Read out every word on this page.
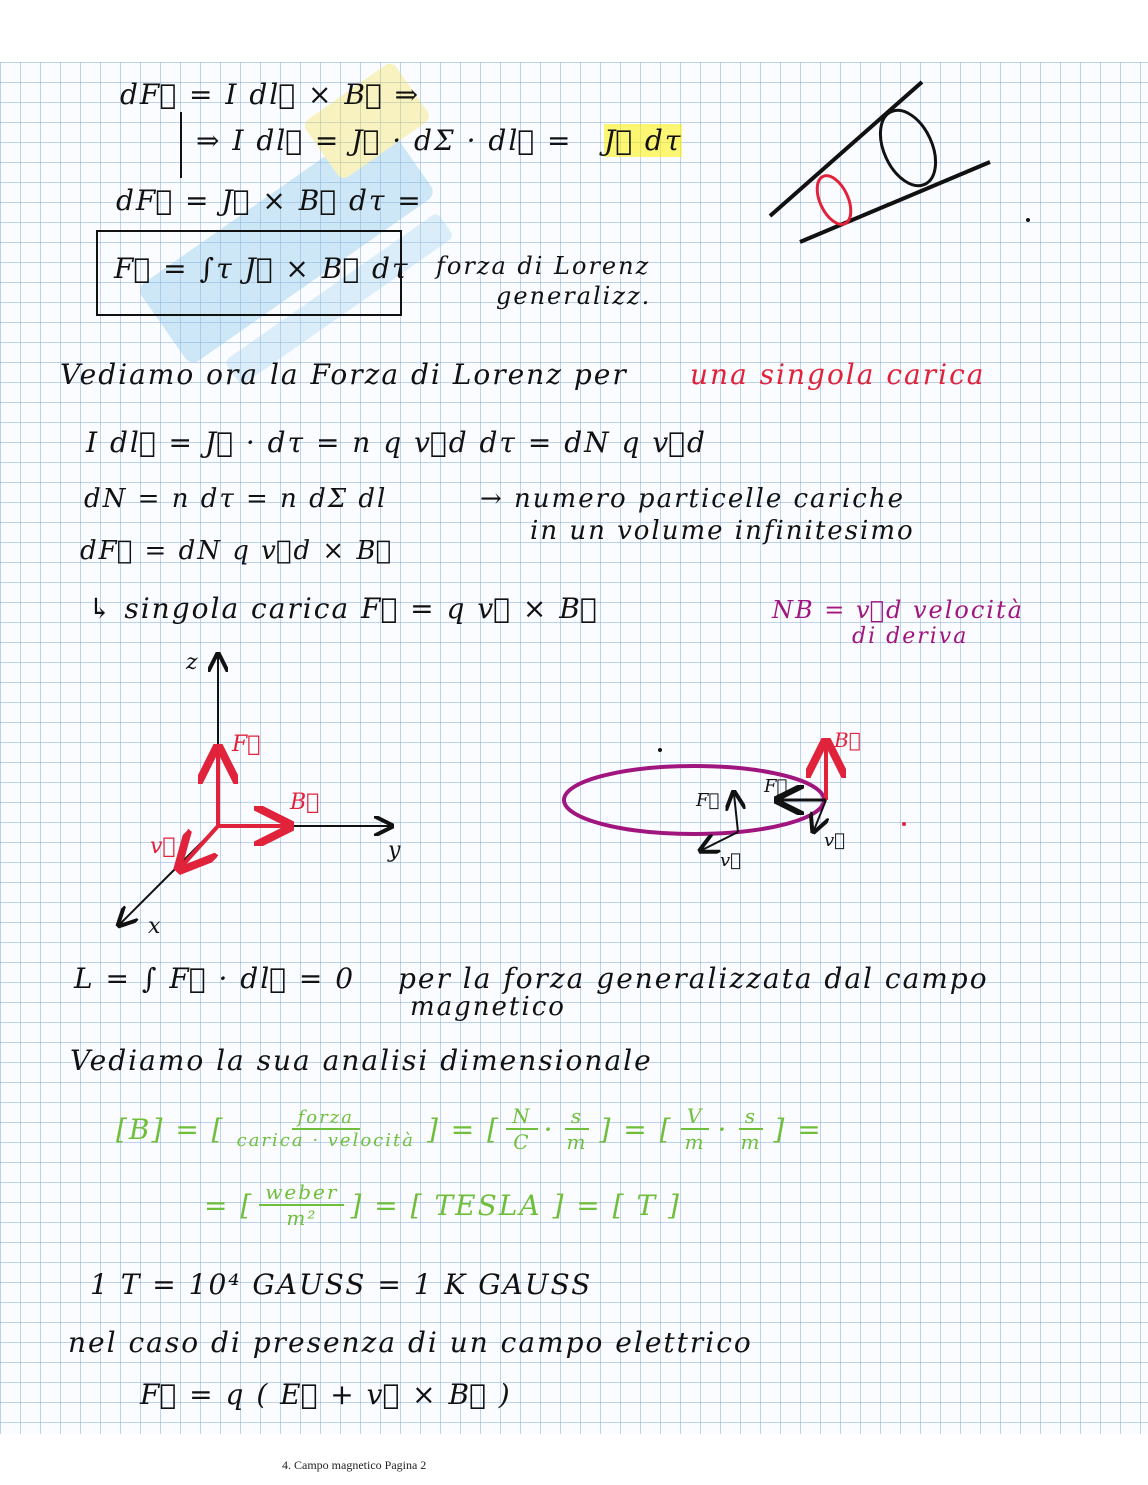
dF⃗ = I dl⃗ × B⃗ ⇒
⇒ I dl⃗ = J⃗ · dΣ · dl⃗ = J⃗ dτ
dF⃗ = J⃗ × B⃗ dτ =
F⃗ = ∫τ J⃗ × B⃗ dτ forza di Lorenz
generalizz.
Vediamo ora la Forza di Lorenz per una singola carica
I dl⃗ = J⃗ · dτ = n q v⃗d dτ = dN q v⃗d
dN = n dτ = n dΣ dl	→ numero particelle cariche
in un volume infinitesimo
dF⃗ = dN q v⃗d × B⃗
↳ singola carica F⃗ = q v⃗ × B⃗	NB = v⃗d velocità
di deriva
z
y
x
F⃗
B⃗
v⃗
B⃗
F⃗
F⃗
v⃗
v⃗
L = ∫ F⃗ · dl⃗ = 0 per la forza generalizzata dal campo
magnetico
Vediamo la sua analisi dimensionale
[B] = [ $\frac{\text{forza}}{\text{carica · velocità}}$ ] = [ $\frac{N}{C} \cdot \frac{s}{m}$ ] = [ $\frac{V}{m} \cdot \frac{s}{m}$ ] =
= [ $\frac{\text{weber}}{\text{m²}}$ ] = [ TESLA ] = [ T ]
1 T = 10⁴ GAUSS = 1 K GAUSS
nel caso di presenza di un campo elettrico
F⃗ = q ( E⃗ + v⃗ × B⃗ )
4. Campo magnetico Pagina 2
